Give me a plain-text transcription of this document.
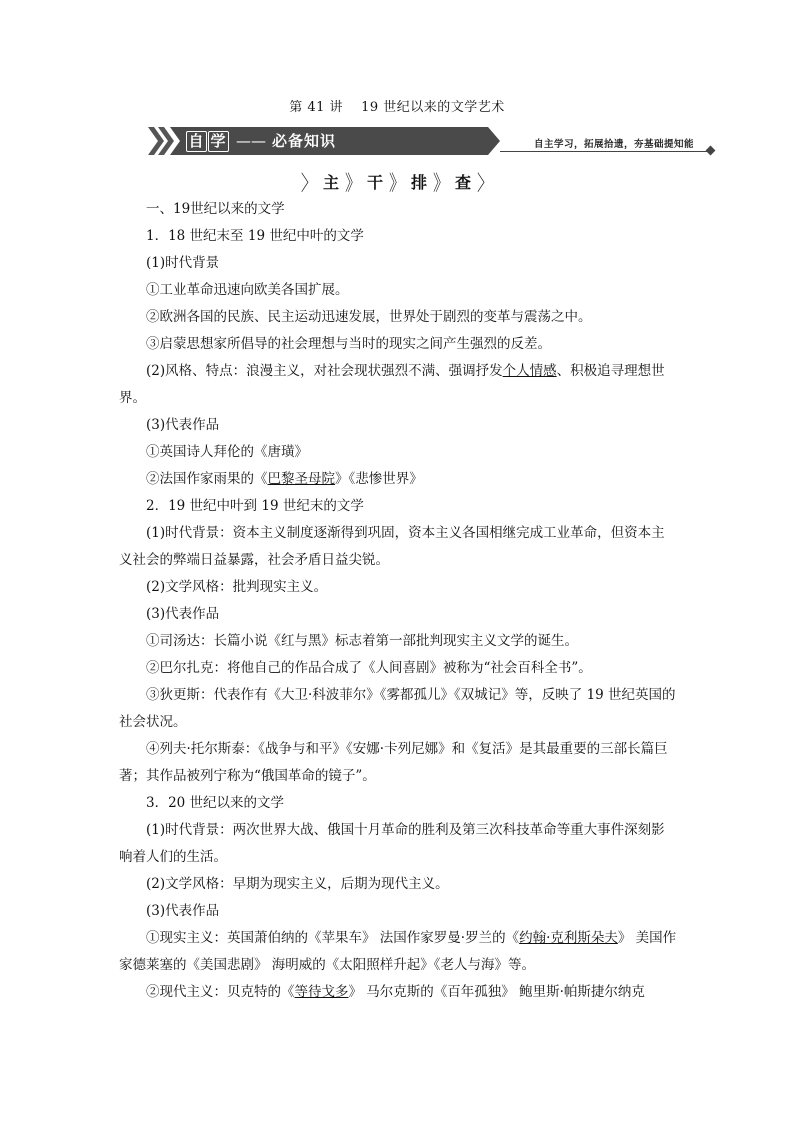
第 41 讲 19 世纪以来的文学艺术
自 学 —— 必备知识	自主学习，拓展拾遗，夯基础提知能
〉 主 》 干 》 排 》 查 〉

一、19世纪以来的文学

1．18 世纪末至 19 世纪中叶的文学

(1)时代背景

①工业革命迅速向欧美各国扩展。

②欧洲各国的民族、民主运动迅速发展，世界处于剧烈的变革与震荡之中。

③启蒙思想家所倡导的社会理想与当时的现实之间产生强烈的反差。

(2)风格、特点：浪漫主义，对社会现状强烈不满、强调抒发个人情感、积极追寻理想世界。

(3)代表作品

①英国诗人拜伦的《唐璜》

②法国作家雨果的《巴黎圣母院》《悲惨世界》

2．19 世纪中叶到 19 世纪末的文学

(1)时代背景：资本主义制度逐渐得到巩固，资本主义各国相继完成工业革命，但资本主义社会的弊端日益暴露，社会矛盾日益尖锐。

(2)文学风格：批判现实主义。

(3)代表作品

①司汤达：长篇小说《红与黑》标志着第一部批判现实主义文学的诞生。

②巴尔扎克：将他自己的作品合成了《人间喜剧》被称为“社会百科全书”。

③狄更斯：代表作有《大卫·科波菲尔》《雾都孤儿》《双城记》等，反映了 19 世纪英国的社会状况。

④列夫·托尔斯泰：《战争与和平》《安娜·卡列尼娜》和《复活》是其最重要的三部长篇巨著；其作品被列宁称为“俄国革命的镜子”。

3．20 世纪以来的文学

(1)时代背景：两次世界大战、俄国十月革命的胜利及第三次科技革命等重大事件深刻影响着人们的生活。

(2)文学风格：早期为现实主义，后期为现代主义。

(3)代表作品

①现实主义：英国萧伯纳的《苹果车》 法国作家罗曼·罗兰的《约翰·克利斯朵夫》 美国作家德莱塞的《美国悲剧》 海明威的《太阳照样升起》《老人与海》等。

②现代主义：贝克特的《等待戈多》 马尔克斯的《百年孤独》 鲍里斯·帕斯捷尔纳克
